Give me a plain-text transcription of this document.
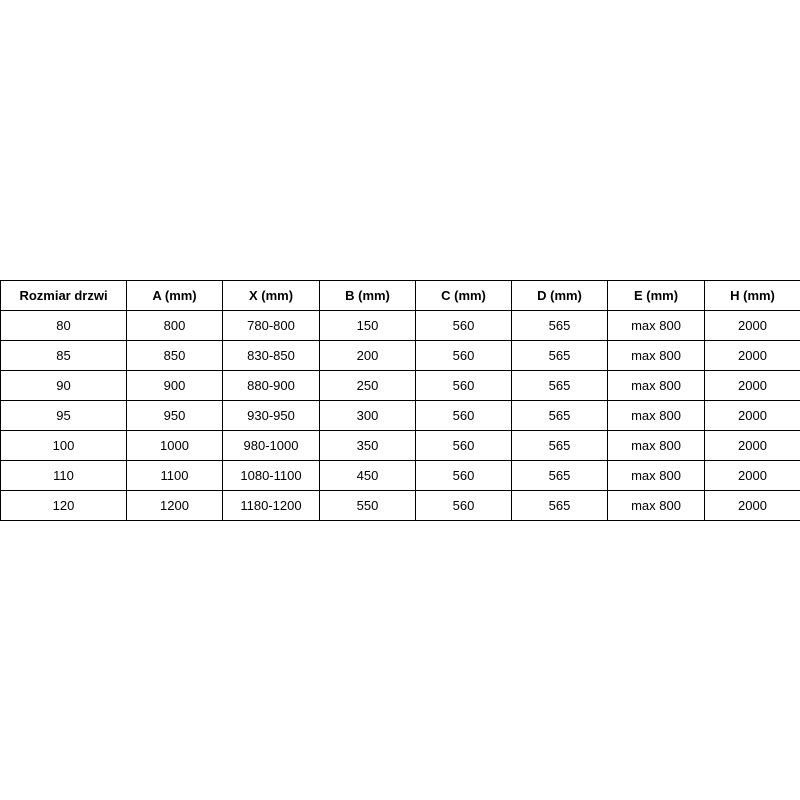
Rozmiar drzwi	A (mm)	X (mm)	B (mm)	C (mm)	D (mm)	E (mm)	H (mm)
80	800	780-800	150	560	565	max 800	2000
85	850	830-850	200	560	565	max 800	2000
90	900	880-900	250	560	565	max 800	2000
95	950	930-950	300	560	565	max 800	2000
100	1000	980-1000	350	560	565	max 800	2000
110	1100	1080-1100	450	560	565	max 800	2000
120	1200	1180-1200	550	560	565	max 800	2000
